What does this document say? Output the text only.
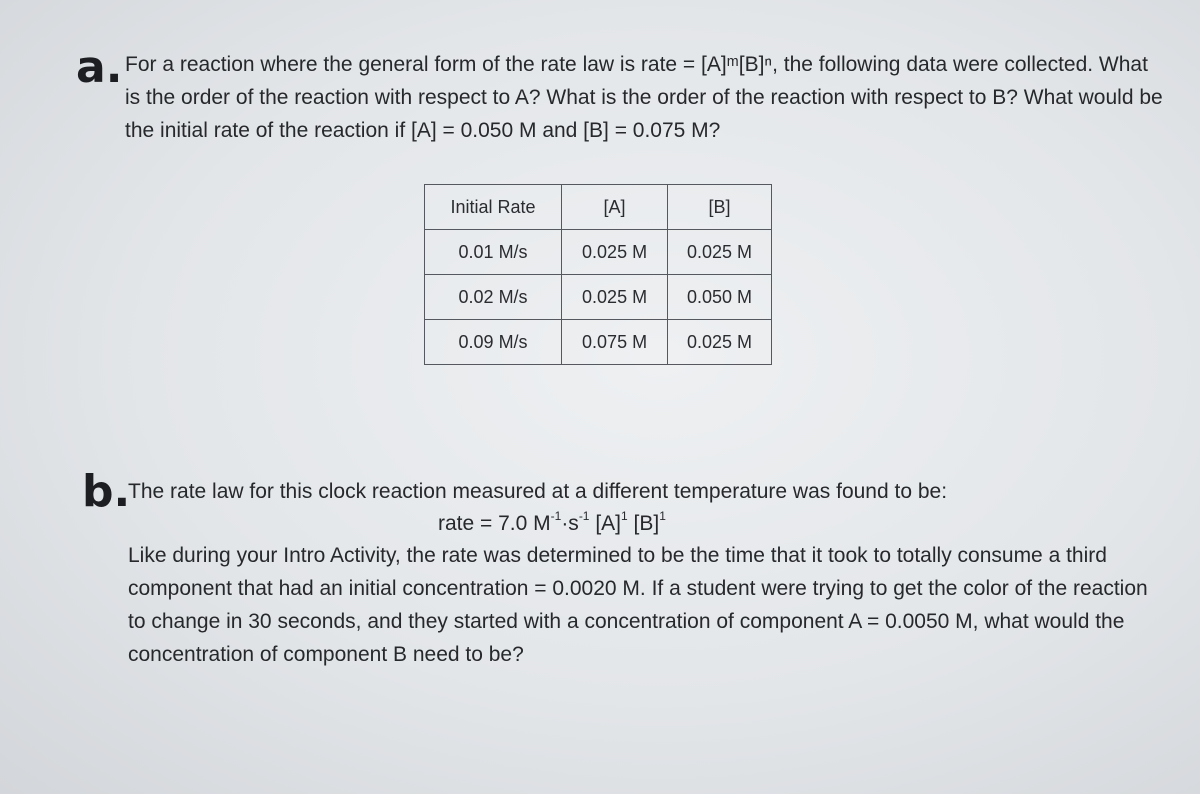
a. For a reaction where the general form of the rate law is rate = [A]ᵐ[B]ⁿ, the following data were collected. What is the order of the reaction with respect to A? What is the order of the reaction with respect to B? What would be the initial rate of the reaction if [A] = 0.050 M and [B] = 0.075 M?

Initial Rate	[A]	[B]
0.01 M/s	0.025 M	0.025 M
0.02 M/s	0.025 M	0.050 M
0.09 M/s	0.075 M	0.025 M
b.

The rate law for this clock reaction measured at a different temperature was found to be:

rate = 7.0 $M^{-1}\cdot s^{-1}$ $[A]^1$ $[B]^1$

Like during your Intro Activity, the rate was determined to be the time that it took to totally consume a third component that had an initial concentration = 0.0020 M. If a student were trying to get the color of the reaction to change in 30 seconds, and they started with a concentration of component A = 0.0050 M, what would the concentration of component B need to be?
